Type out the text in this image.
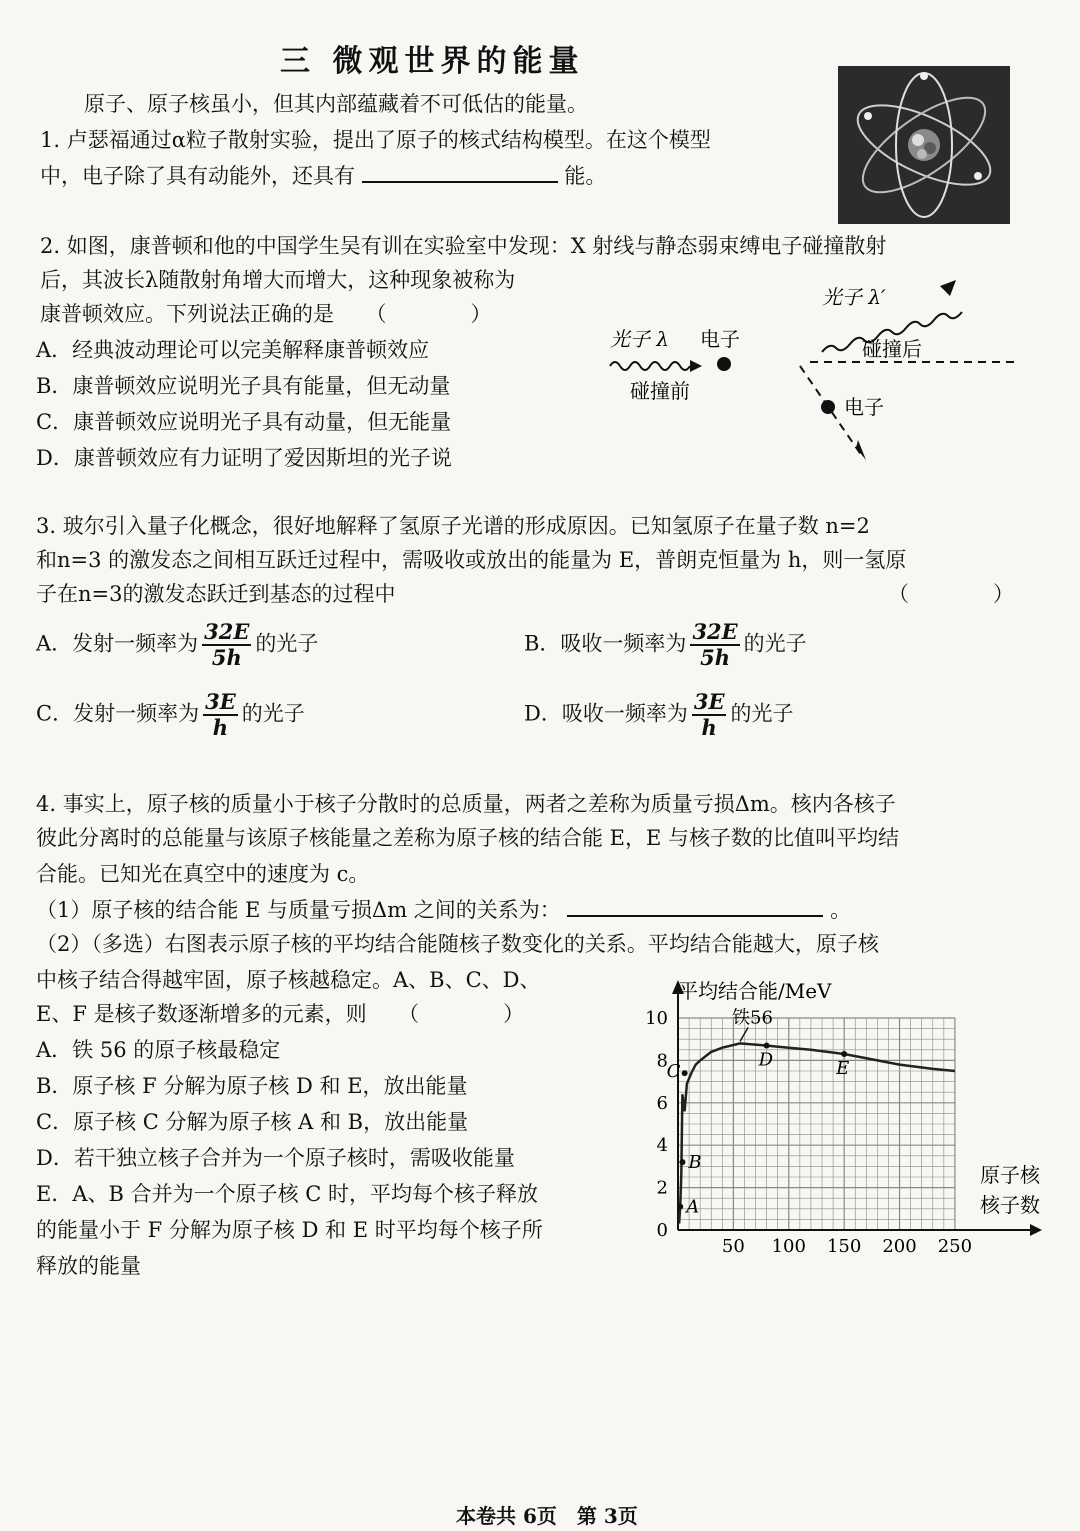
三 微观世界的能量
原子、原子核虽小，但其内部蕴藏着不可低估的能量。
1. 卢瑟福通过α粒子散射实验，提出了原子的核式结构模型。在这个模型
中，电子除了具有动能外，还具有	能。
2. 如图，康普顿和他的中国学生吴有训在实验室中发现：X 射线与静态弱束缚电子碰撞散射
后，其波长λ随散射角增大而增大，这种现象被称为
康普顿效应。下列说法正确的是　　（　　　　）
A．经典波动理论可以完美解释康普顿效应
B．康普顿效应说明光子具有能量，但无动量
C．康普顿效应说明光子具有动量，但无能量
D．康普顿效应有力证明了爱因斯坦的光子说
光子 λ 电子
碰撞前
光子 λ′
碰撞后
电子
3. 玻尔引入量子化概念，很好地解释了氢原子光谱的形成原因。已知氢原子在量子数 n=2
和n=3 的激发态之间相互跃迁过程中，需吸收或放出的能量为 E，普朗克恒量为 h，则一氢原
子在n=3的激发态跃迁到基态的过程中	（　　　　）
A．发射一频率为 $\frac{32E}{5h}$ 的光子	B．吸收一频率为 $\frac{32E}{5h}$ 的光子
C．发射一频率为 $\frac{3E}{h}$ 的光子	D．吸收一频率为 $\frac{3E}{h}$ 的光子
4. 事实上，原子核的质量小于核子分散时的总质量，两者之差称为质量亏损Δm。核内各核子
彼此分离时的总能量与该原子核能量之差称为原子核的结合能 E，E 与核子数的比值叫平均结
合能。已知光在真空中的速度为 c。
（1）原子核的结合能 E 与质量亏损Δm 之间的关系为：	。
（2）（多选）右图表示原子核的平均结合能随核子数变化的关系。平均结合能越大，原子核
中核子结合得越牢固，原子核越稳定。A、B、C、D、
E、F 是核子数逐渐增多的元素，则　　（　　　　）
A．铁 56 的原子核最稳定
B．原子核 F 分解为原子核 D 和 E，放出能量
C．原子核 C 分解为原子核 A 和 B，放出能量
D．若干独立核子合并为一个原子核时，需吸收能量
E．A、B 合并为一个原子核 C 时，平均每个核子释放
的能量小于 F 分解为原子核 D 和 E 时平均每个核子所
释放的能量
50 100 150 200 250
0
2
4
6
8
10	铁56
A
B
C
D	E
平均结合能/MeV
原子核
核子数
本卷共 6页　第 3页
